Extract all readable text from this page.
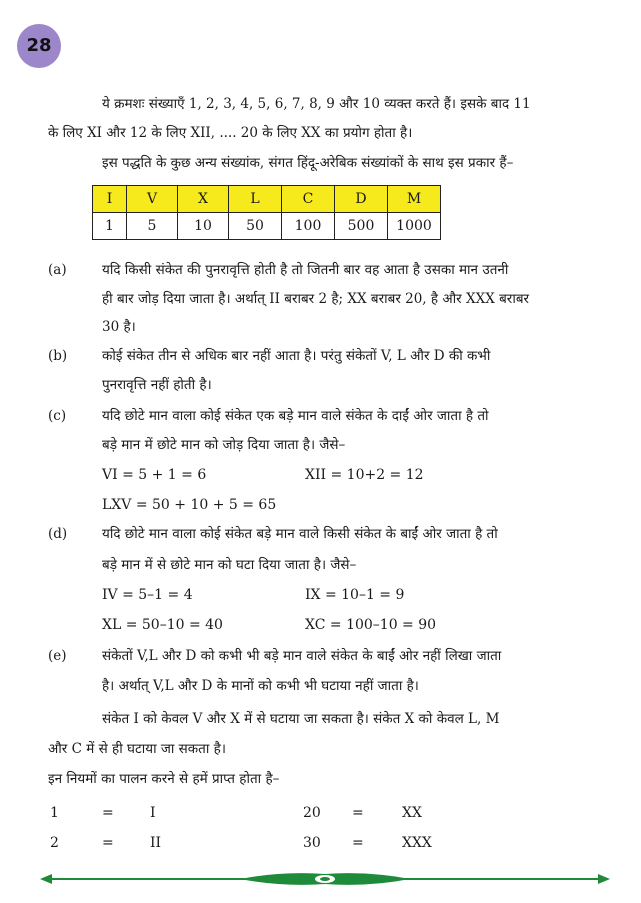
28
ये क्रमशः संख्याएँ 1, 2, 3, 4, 5, 6, 7, 8, 9 और 10 व्यक्त करते हैं। इसके बाद 11
के लिए XI और 12 के लिए XII, .... 20 के लिए XX का प्रयोग होता है।
इस पद्धति के कुछ अन्य संख्यांक, संगत हिंदू-अरेबिक संख्यांकों के साथ इस प्रकार हैं–
I	V	X	L	C	D	M
1	5	10	50	100	500	1000
(a)	यदि किसी संकेत की पुनरावृत्ति होती है तो जितनी बार वह आता है उसका मान उतनी
ही बार जोड़ दिया जाता है। अर्थात् II बराबर 2 है; XX बराबर 20, है और XXX बराबर
30 है।
(b)	कोई संकेत तीन से अधिक बार नहीं आता है। परंतु संकेतों V, L और D की कभी
पुनरावृत्ति नहीं होती है।
(c)	यदि छोटे मान वाला कोई संकेत एक बड़े मान वाले संकेत के दाईं ओर जाता है तो
बड़े मान में छोटे मान को जोड़ दिया जाता है। जैसे–
VI = 5 + 1 = 6	XII = 10+2 = 12
LXV = 50 + 10 + 5 = 65
(d)	यदि छोटे मान वाला कोई संकेत बड़े मान वाले किसी संकेत के बाईं ओर जाता है तो
बड़े मान में से छोटे मान को घटा दिया जाता है। जैसे–
IV = 5–1 = 4	IX = 10–1 = 9
XL = 50–10 = 40	XC = 100–10 = 90
(e)	संकेतों V,L और D को कभी भी बड़े मान वाले संकेत के बाईं ओर नहीं लिखा जाता
है। अर्थात् V,L और D के मानों को कभी भी घटाया नहीं जाता है।
संकेत I को केवल V और X में से घटाया जा सकता है। संकेत X को केवल L, M
और C में से ही घटाया जा सकता है।
इन नियमों का पालन करने से हमें प्राप्त होता है–
1	=	I	20 =	XX
2	=	II	30 =	XXX
